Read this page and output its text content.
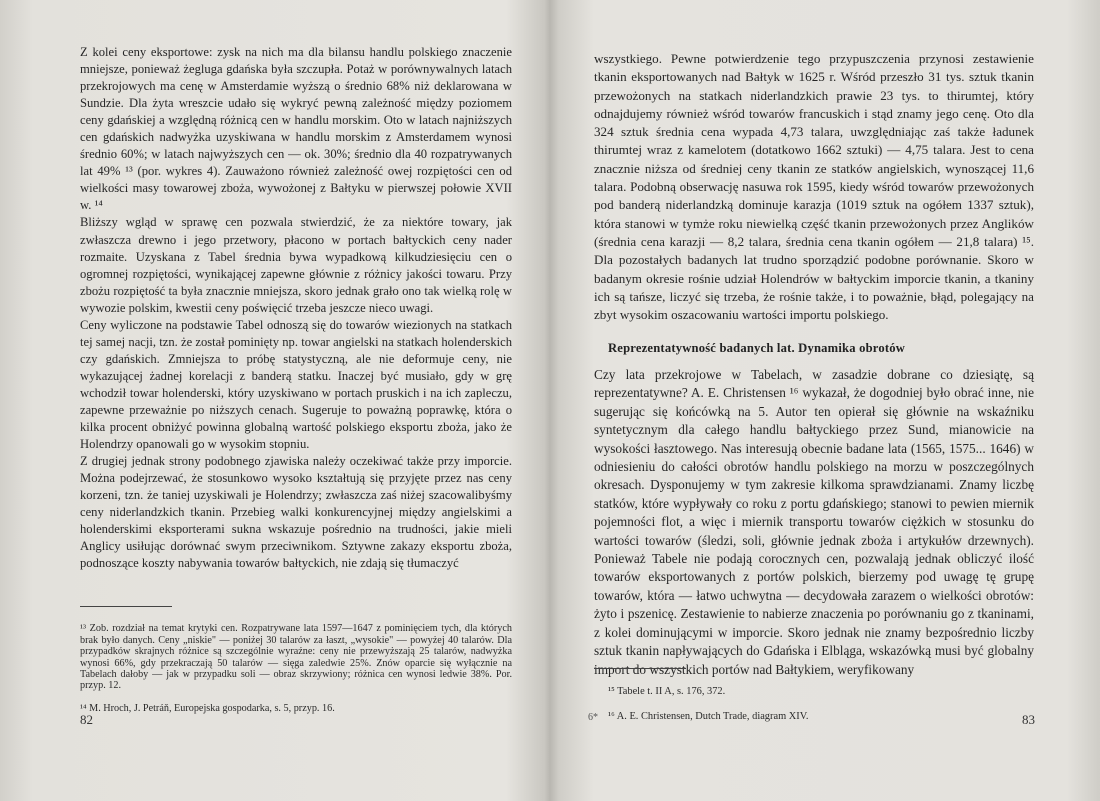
Z kolei ceny eksportowe: zysk na nich ma dla bilansu handlu polskiego znaczenie mniejsze, ponieważ żegluga gdańska była szczupła. Potaż w porównywalnych latach przekrojowych ma cenę w Amsterdamie wyższą o średnio 68% niż deklarowana w Sundzie. Dla żyta wreszcie udało się wykryć pewną zależność między poziomem ceny gdańskiej a względną różnicą cen w handlu morskim. Oto w latach najniższych cen gdańskich nadwyżka uzyskiwana w handlu morskim z Amsterdamem wynosi średnio 60%; w latach najwyższych cen — ok. 30%; średnio dla 40 rozpatrywanych lat 49% ¹³ (por. wykres 4). Zauważono również zależność owej rozpiętości cen od wielkości masy towarowej zboża, wywożonej z Bałtyku w pierwszej połowie XVII w. ¹⁴
Bliższy wgląd w sprawę cen pozwala stwierdzić, że za niektóre towary, jak zwłaszcza drewno i jego przetwory, płacono w portach bałtyckich ceny nader rozmaite. Uzyskana z Tabel średnia bywa wypadkową kilkudziesięciu cen o ogromnej rozpiętości, wynikającej zapewne głównie z różnicy jakości towaru. Przy zbożu rozpiętość ta była znacznie mniejsza, skoro jednak grało ono tak wielką rolę w wywozie polskim, kwestii ceny poświęcić trzeba jeszcze nieco uwagi.
Ceny wyliczone na podstawie Tabel odnoszą się do towarów wiezionych na statkach tej samej nacji, tzn. że został pominięty np. towar angielski na statkach holenderskich czy gdańskich. Zmniejsza to próbę statystyczną, ale nie deformuje ceny, nie wykazującej żadnej korelacji z banderą statku. Inaczej być musiało, gdy w grę wchodził towar holenderski, który uzyskiwano w portach pruskich i na ich zapleczu, zapewne przeważnie po niższych cenach. Sugeruje to poważną poprawkę, która o kilka procent obniżyć powinna globalną wartość polskiego eksportu zboża, jako że Holendrzy opanowali go w wysokim stopniu.
Z drugiej jednak strony podobnego zjawiska należy oczekiwać także przy imporcie. Można podejrzewać, że stosunkowo wysoko kształtują się przyjęte przez nas ceny korzeni, tzn. że taniej uzyskiwali je Holendrzy; zwłaszcza zaś niżej szacowalibyśmy ceny niderlandzkich tkanin. Przebieg walki konkurencyjnej między angielskimi a holenderskimi eksporterami sukna wskazuje pośrednio na trudności, jakie mieli Anglicy usiłując dorównać swym przeciwnikom. Sztywne zakazy eksportu zboża, podnoszące koszty nabywania towarów bałtyckich, nie zdają się tłumaczyć

¹³ Zob. rozdział na temat krytyki cen. Rozpatrywane lata 1597—1647 z pominięciem tych, dla których brak było danych. Ceny „niskie" — poniżej 30 talarów za łaszt, „wysokie" — powyżej 40 talarów. Dla przypadków skrajnych różnice są szczególnie wyraźne: ceny nie przewyższają 25 talarów, nadwyżka wynosi 66%, gdy przekraczają 50 talarów — sięga zaledwie 25%. Znów oparcie się wyłącznie na Tabelach dałoby — jak w przypadku soli — obraz skrzywiony; różnica cen wynosi ledwie 38%. Por. przyp. 12.

¹⁴ M. Hroch, J. Petráň, Europejska gospodarka, s. 5, przyp. 16.

82

wszystkiego. Pewne potwierdzenie tego przypuszczenia przynosi zestawienie tkanin eksportowanych nad Bałtyk w 1625 r. Wśród przeszło 31 tys. sztuk tkanin przewożonych na statkach niderlandzkich prawie 23 tys. to thirumtej, który odnajdujemy również wśród towarów francuskich i stąd znamy jego cenę. Oto dla 324 sztuk średnia cena wypada 4,73 talara, uwzględniając zaś także ładunek thirumtej wraz z kamelotem (dotatkowo 1662 sztuki) — 4,75 talara. Jest to cena znacznie niższa od średniej ceny tkanin ze statków angielskich, wynoszącej 11,6 talara. Podobną obserwację nasuwa rok 1595, kiedy wśród towarów przewożonych pod banderą niderlandzką dominuje karazja (1019 sztuk na ogółem 1337 sztuk), która stanowi w tymże roku niewielką część tkanin przewożonych przez Anglików (średnia cena karazji — 8,2 talara, średnia cena tkanin ogółem — 21,8 talara) ¹⁵. Dla pozostałych badanych lat trudno sporządzić podobne porównanie. Skoro w badanym okresie rośnie udział Holendrów w bałtyckim imporcie tkanin, a tkaniny ich są tańsze, liczyć się trzeba, że rośnie także, i to poważnie, błąd, polegający na zbyt wysokim oszacowaniu wartości importu polskiego.

Reprezentatywność badanych lat. Dynamika obrotów

Czy lata przekrojowe w Tabelach, w zasadzie dobrane co dziesiątę, są reprezentatywne? A. E. Christensen ¹⁶ wykazał, że dogodniej było obrać inne, nie sugerując się końcówką na 5. Autor ten opierał się głównie na wskaźniku syntetycznym dla całego handlu bałtyckiego przez Sund, mianowicie na wysokości łasztowego. Nas interesują obecnie badane lata (1565, 1575... 1646) w odniesieniu do całości obrotów handlu polskiego na morzu w poszczególnych okresach. Dysponujemy w tym zakresie kilkoma sprawdzianami. Znamy liczbę statków, które wypływały co roku z portu gdańskiego; stanowi to pewien miernik pojemności flot, a więc i miernik transportu towarów ciężkich w stosunku do wartości towarów (śledzi, soli, głównie jednak zboża i artykułów drzewnych). Ponieważ Tabele nie podają corocznych cen, pozwalają jednak obliczyć ilość towarów eksportowanych z portów polskich, bierzemy pod uwagę tę grupę towarów, która — łatwo uchwytna — decydowała zarazem o wielkości obrotów: żyto i pszenicę. Zestawienie to nabierze znaczenia po porównaniu go z tkaninami, z kolei dominującymi w imporcie. Skoro jednak nie znamy bezpośrednio liczby sztuk tkanin napływających do Gdańska i Elbląga, wskazówką musi być globalny import do wszystkich portów nad Bałtykiem, weryfikowany

¹⁵ Tabele t. II A, s. 176, 372.

¹⁶ A. E. Christensen, Dutch Trade, diagram XIV.

6*	83
